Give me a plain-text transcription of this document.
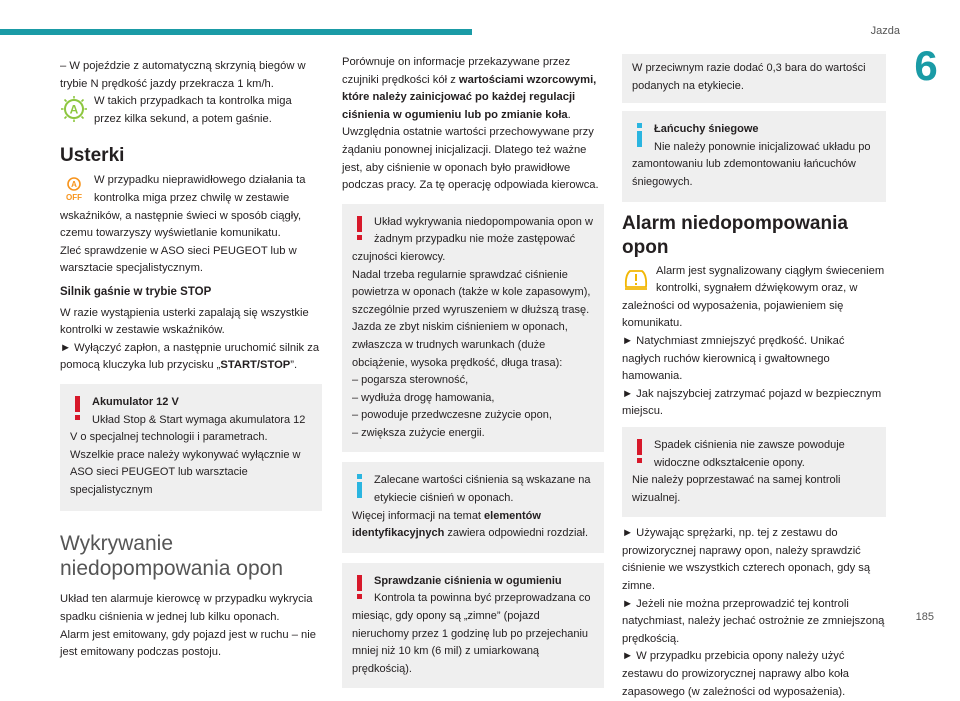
Jazda
6
185

– W pojeździe z automatyczną skrzynią biegów w trybie N prędkość jazdy przekracza 1 km/h.

A

W takich przypadkach ta kontrolka miga przez kilka sekund, a potem gaśnie.

Usterki
A
OFF

W przypadku nieprawidłowego działania ta kontrolka miga przez chwilę w zestawie wskaźników, a następnie świeci w sposób ciągły, czemu towarzyszy wyświetlanie komunikatu.

Zleć sprawdzenie w ASO sieci PEUGEOT lub w warsztacie specjalistycznym.

Silnik gaśnie w trybie STOP

W razie wystąpienia usterki zapalają się wszystkie kontrolki w zestawie wskaźników.

► Wyłączyć zapłon, a następnie uruchomić silnik za pomocą kluczyka lub przycisku „START/STOP”.

Akumulator 12 V

Układ Stop & Start wymaga akumulatora 12 V o specjalnej technologii i parametrach.

Wszelkie prace należy wykonywać wyłącznie w ASO sieci PEUGEOT lub warsztacie specjalistycznym

Wykrywanie niedopompowania opon

Układ ten alarmuje kierowcę w przypadku wykrycia spadku ciśnienia w jednej lub kilku oponach.

Alarm jest emitowany, gdy pojazd jest w ruchu – nie jest emitowany podczas postoju.

Porównuje on informacje przekazywane przez czujniki prędkości kół z wartościami wzorcowymi, które należy zainicjować po każdej regulacji ciśnienia w ogumieniu lub po zmianie koła.

Uwzględnia ostatnie wartości przechowywane przy żądaniu ponownej inicjalizacji. Dlatego też ważne jest, aby ciśnienie w oponach było prawidłowe podczas pracy. Za tę operację odpowiada kierowca.

Układ wykrywania niedopompowania opon w żadnym przypadku nie może zastępować czujności kierowcy.

Nadal trzeba regularnie sprawdzać ciśnienie powietrza w oponach (także w kole zapasowym), szczególnie przed wyruszeniem w dłuższą trasę.

Jazda ze zbyt niskim ciśnieniem w oponach, zwłaszcza w trudnych warunkach (duże obciążenie, wysoka prędkość, długa trasa):

– pogarsza sterowność,

– wydłuża drogę hamowania,

– powoduje przedwczesne zużycie opon,

– zwiększa zużycie energii.

Zalecane wartości ciśnienia są wskazane na etykiecie ciśnień w oponach.

Więcej informacji na temat elementów identyfikacyjnych zawiera odpowiedni rozdział.

Sprawdzanie ciśnienia w ogumieniu

Kontrola ta powinna być przeprowadzana co miesiąc, gdy opony są „zimne” (pojazd nieruchomy przez 1 godzinę lub po przejechaniu mniej niż 10 km (6 mil) z umiarkowaną prędkością).

W przeciwnym razie dodać 0,3 bara do wartości podanych na etykiecie.

Łańcuchy śniegowe

Nie należy ponownie inicjalizować układu po zamontowaniu lub zdemontowaniu łańcuchów śniegowych.

Alarm niedopompowania opon

Alarm jest sygnalizowany ciągłym świeceniem kontrolki, sygnałem dźwiękowym oraz, w zależności od wyposażenia, pojawieniem się komunikatu.

► Natychmiast zmniejszyć prędkość. Unikać nagłych ruchów kierownicą i gwałtownego hamowania.

► Jak najszybciej zatrzymać pojazd w bezpiecznym miejscu.

Spadek ciśnienia nie zawsze powoduje widoczne odkształcenie opony.

Nie należy poprzestawać na samej kontroli wizualnej.

► Używając sprężarki, np. tej z zestawu do prowizorycznej naprawy opon, należy sprawdzić ciśnienie we wszystkich czterech oponach, gdy są zimne.

► Jeżeli nie można przeprowadzić tej kontroli natychmiast, należy jechać ostrożnie ze zmniejszoną prędkością.

► W przypadku przebicia opony należy użyć zestawu do prowizorycznej naprawy albo koła zapasowego (w zależności od wyposażenia).
